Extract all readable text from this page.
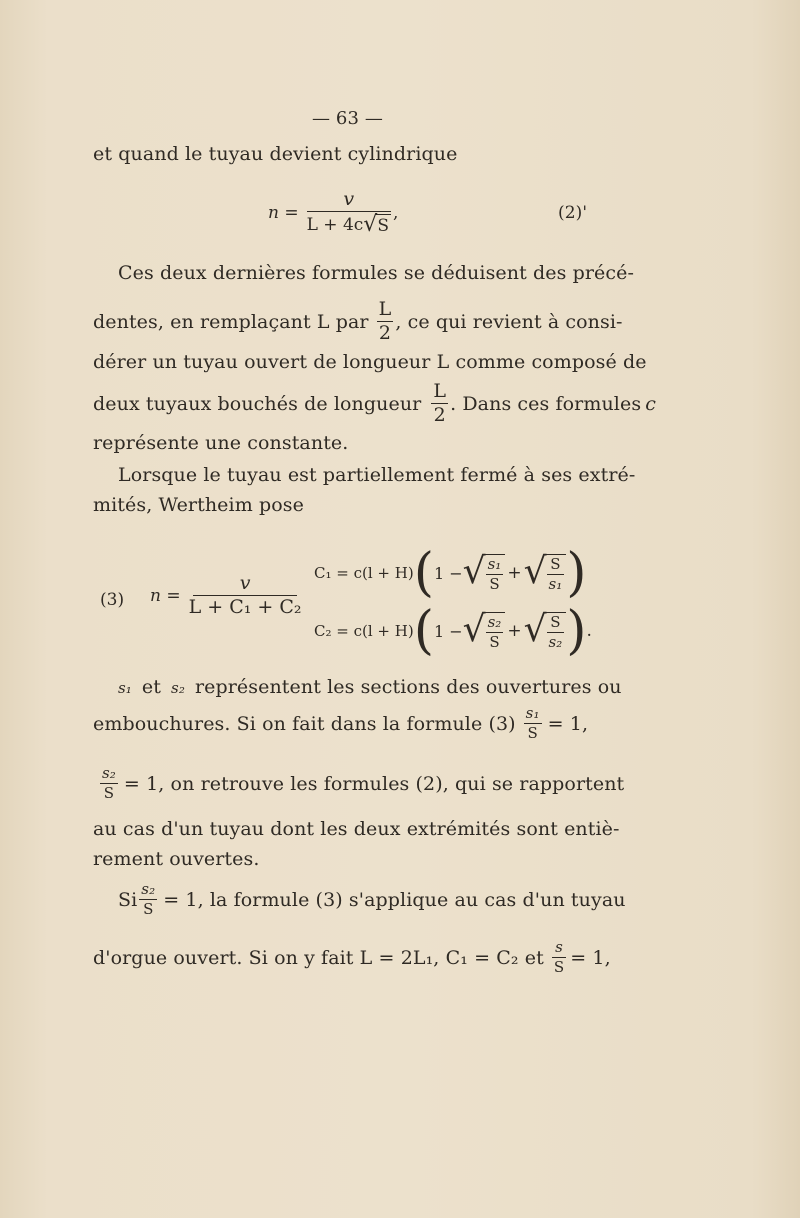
— 63 —
et quand le tuyau devient cylindrique
$n = \frac{v}{L + 4c √ S}$ ,	(2)'
Ces deux dernières formules se déduisent des précé-
dentes, en remplaçant L par $\frac{L}{2}$ , ce qui revient à consi-
dérer un tuyau ouvert de longueur L comme composé de
deux tuyaux bouchés de longueur $\frac{L}{2}$ . Dans ces formules c
représente une constante.
Lorsque le tuyau est partiellement fermé à ses extré-
mités, Wertheim pose
(3) $n = \frac{v}{\text{L + C₁ + C₂}}$
C₁ = c(l + H) ( 1 − √ $\frac{\text{s₁}}{S}$ + √ $\frac{S}{\text{s₁}}$ )
C₂ = c(l + H) ( 1 − √ $\frac{\text{s₂}}{S}$ + √ $\frac{S}{\text{s₂}}$ ) .
s₁ et s₂ représentent les sections des ouvertures ou
embouchures. Si on fait dans la formule $(3) \frac{\text{s₁}}{S} = 1$,
$\frac{\text{s₂}}{S} = 1$, on retrouve les formules (2), qui se rapportent
au cas d'un tuyau dont les deux extrémités sont entiè-
rement ouvertes.
Si $\frac{\text{s₂}}{S} = 1$, la formule (3) s'applique au cas d'un tuyau
d'orgue ouvert. Si on y fait L = 2L₁, C₁ = C₂ et $\frac{s}{S} = 1$,
